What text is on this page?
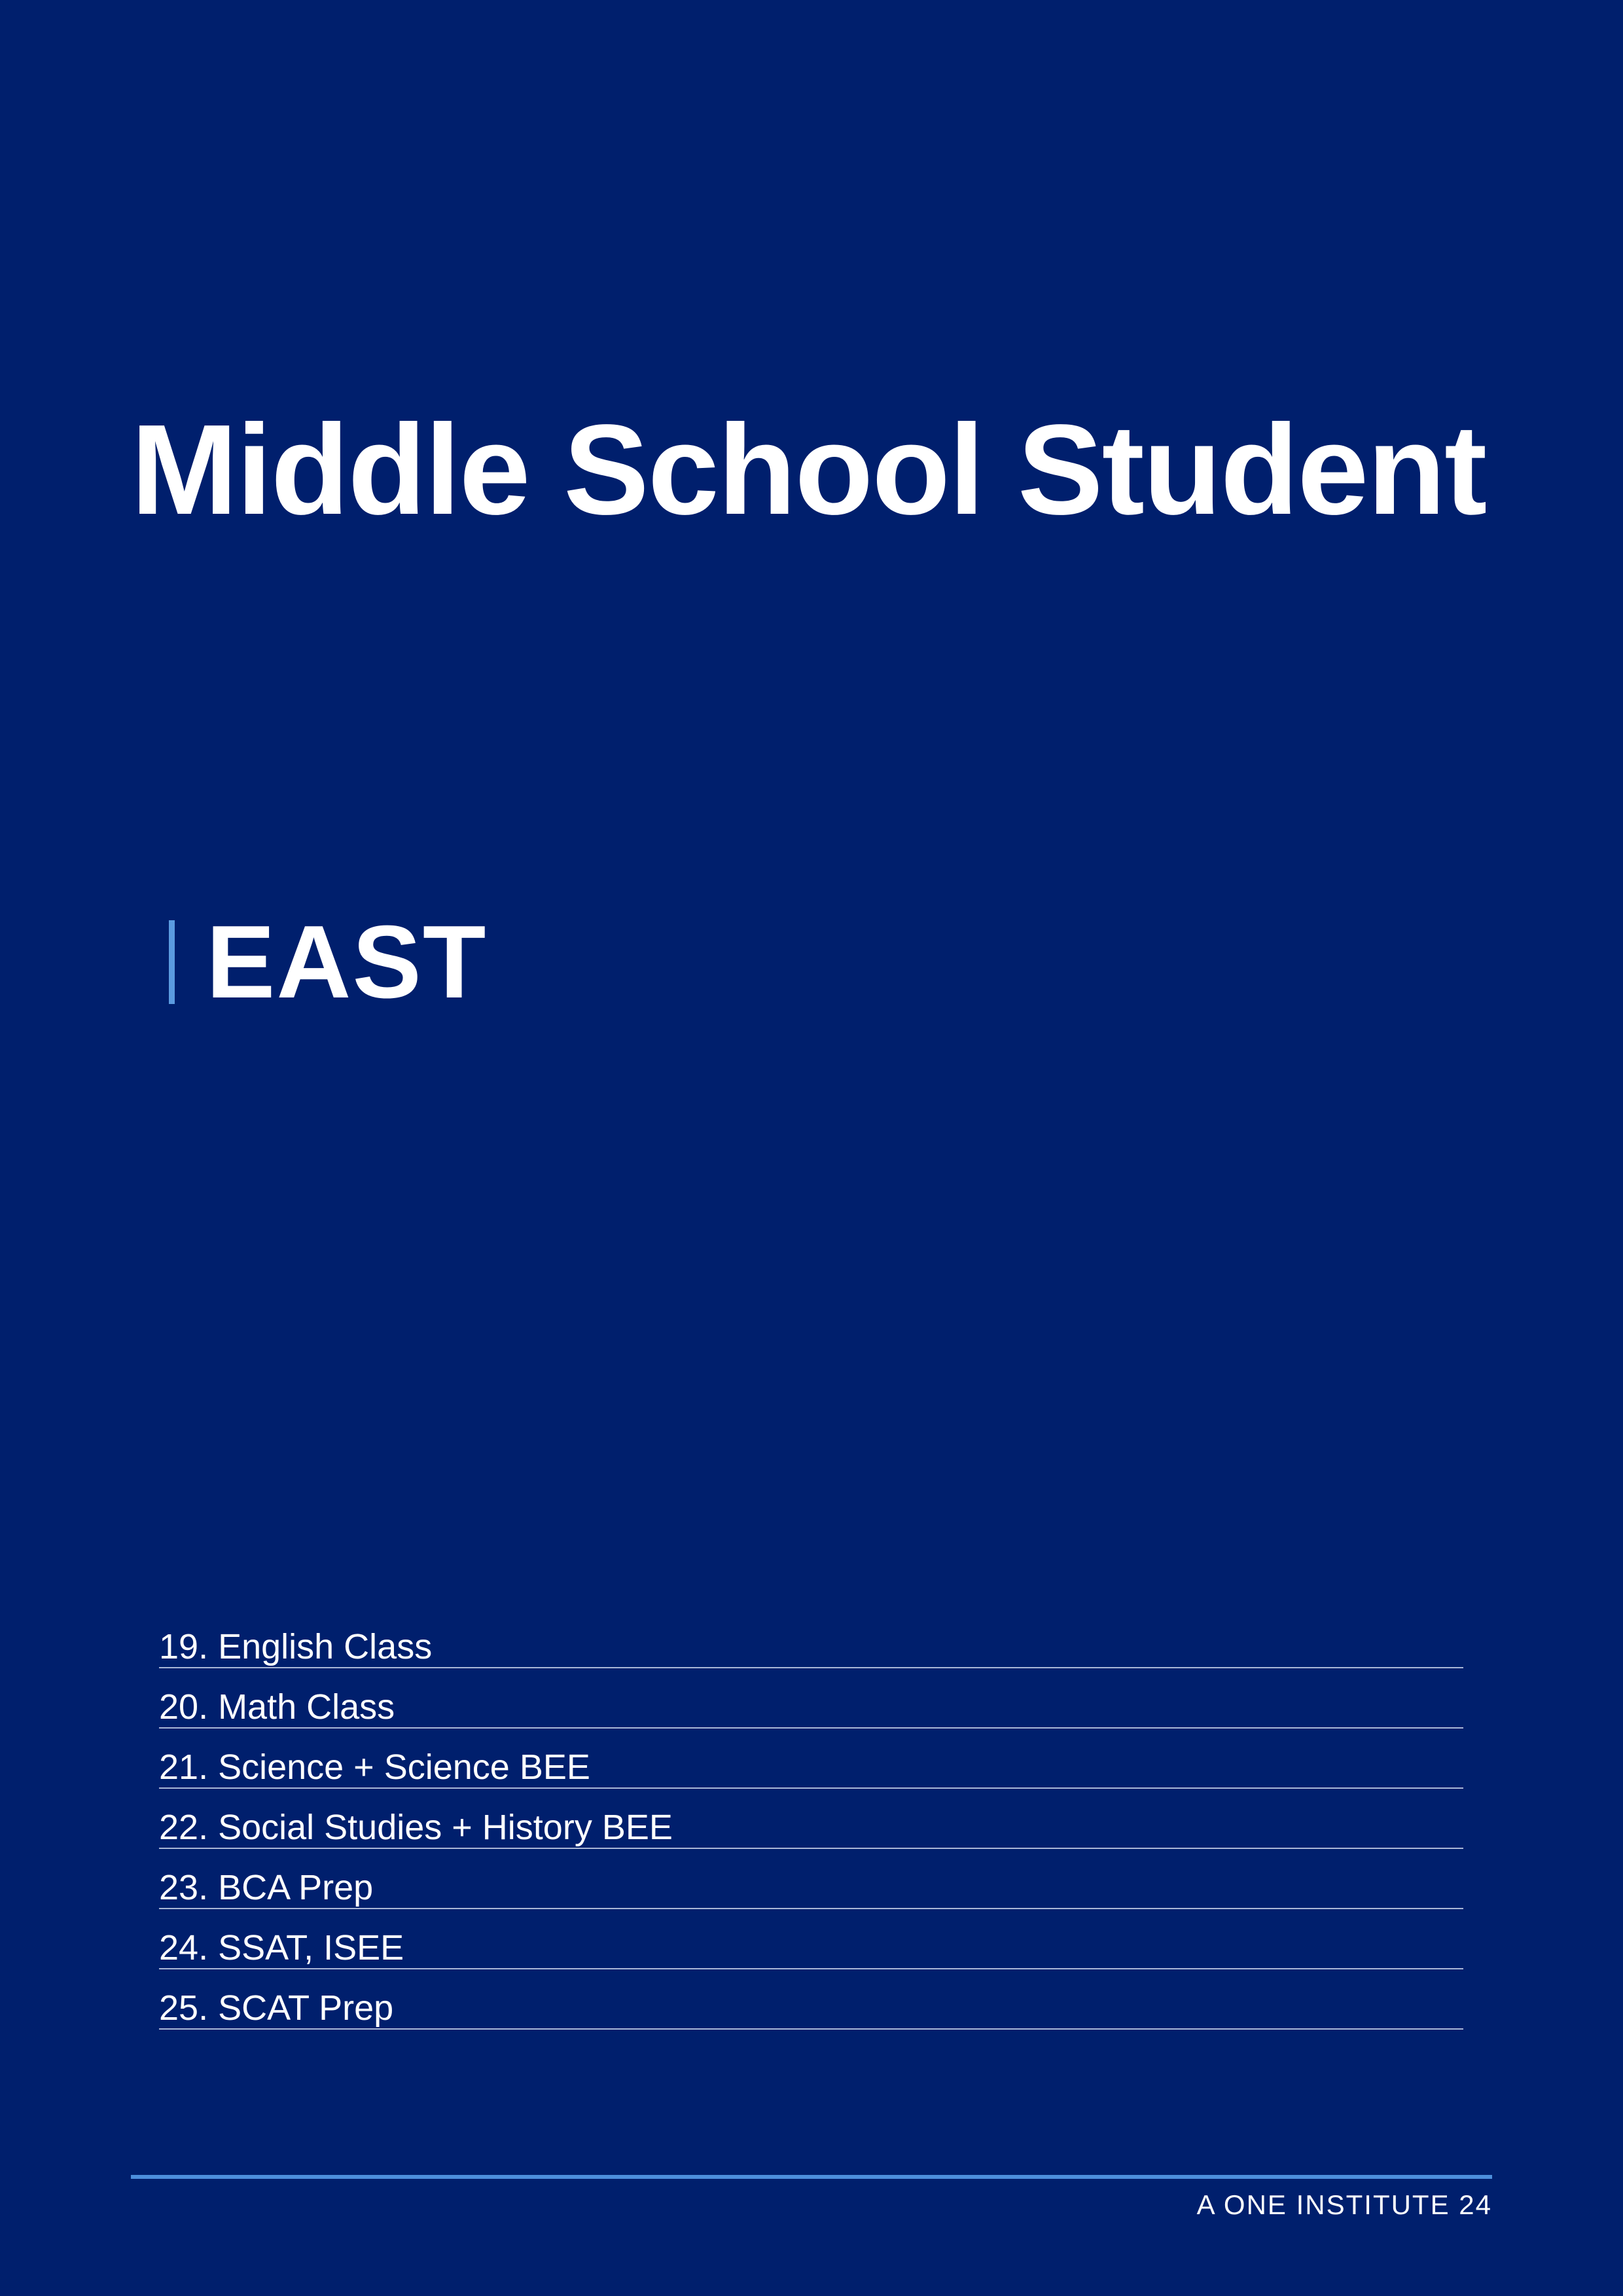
Middle School Student
EAST
19. English Class
20. Math Class
21. Science + Science BEE
22. Social Studies + History BEE
23. BCA Prep
24. SSAT, ISEE
25. SCAT Prep
A ONE INSTITUTE 24
